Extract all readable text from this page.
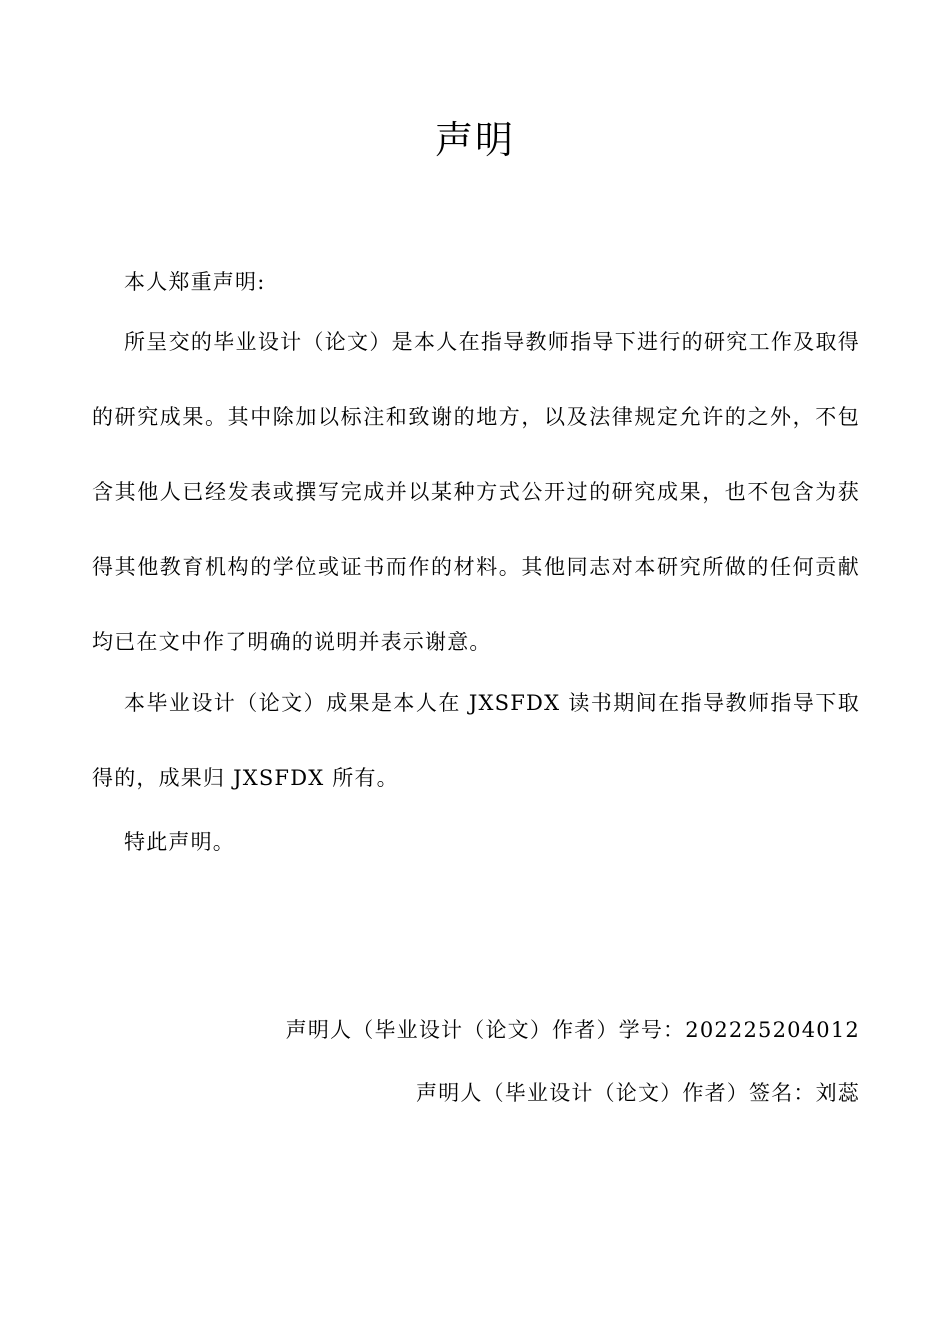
声明

本人郑重声明:

所呈交的毕业设计（论文）是本人在指导教师指导下进行的研究工作及取得的研究成果。其中除加以标注和致谢的地方，以及法律规定允许的之外，不包含其他人已经发表或撰写完成并以某种方式公开过的研究成果，也不包含为获得其他教育机构的学位或证书而作的材料。其他同志对本研究所做的任何贡献均已在文中作了明确的说明并表示谢意。

本毕业设计（论文）成果是本人在 JXSFDX 读书期间在指导教师指导下取得的，成果归 JXSFDX 所有。

特此声明。

声明人（毕业设计（论文）作者）学号：202225204012

声明人（毕业设计（论文）作者）签名：刘蕊
